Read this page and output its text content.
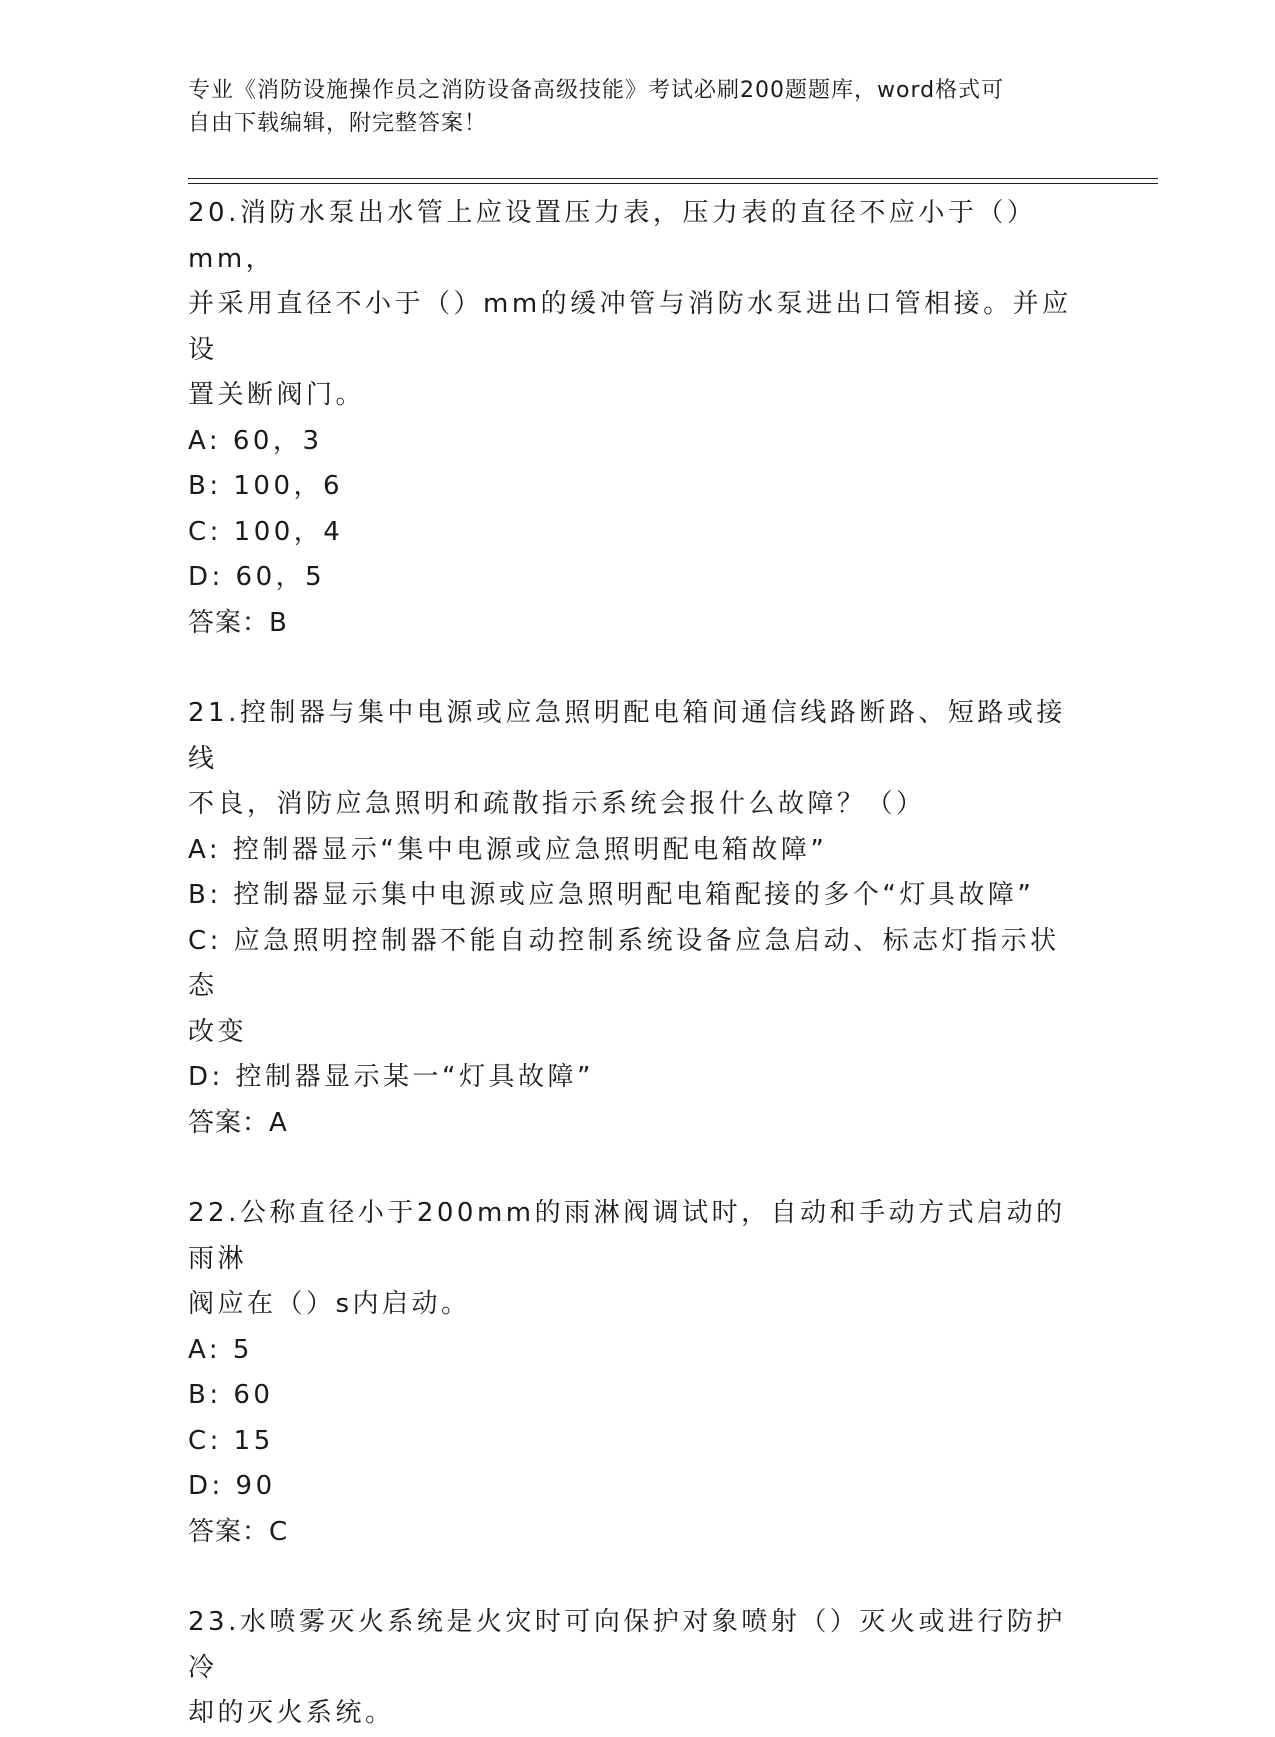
专业《消防设施操作员之消防设备高级技能》考试必刷200题题库，word格式可
自由下载编辑，附完整答案！
20.消防水泵出水管上应设置压力表，压力表的直径不应小于（）mm，
并采用直径不小于（）mm的缓冲管与消防水泵进出口管相接。并应设
置关断阀门。
A: 60，3
B: 100，6
C: 100，4
D: 60，5
答案：B
21.控制器与集中电源或应急照明配电箱间通信线路断路、短路或接线
不良，消防应急照明和疏散指示系统会报什么故障？（）
A: 控制器显示“集中电源或应急照明配电箱故障”
B: 控制器显示集中电源或应急照明配电箱配接的多个“灯具故障”
C: 应急照明控制器不能自动控制系统设备应急启动、标志灯指示状态
改变
D: 控制器显示某一“灯具故障”
答案：A
22.公称直径小于200mm的雨淋阀调试时，自动和手动方式启动的雨淋
阀应在（）s内启动。
A: 5
B: 60
C: 15
D: 90
答案：C
23.水喷雾灭火系统是火灾时可向保护对象喷射（）灭火或进行防护冷
却的灭火系统。
